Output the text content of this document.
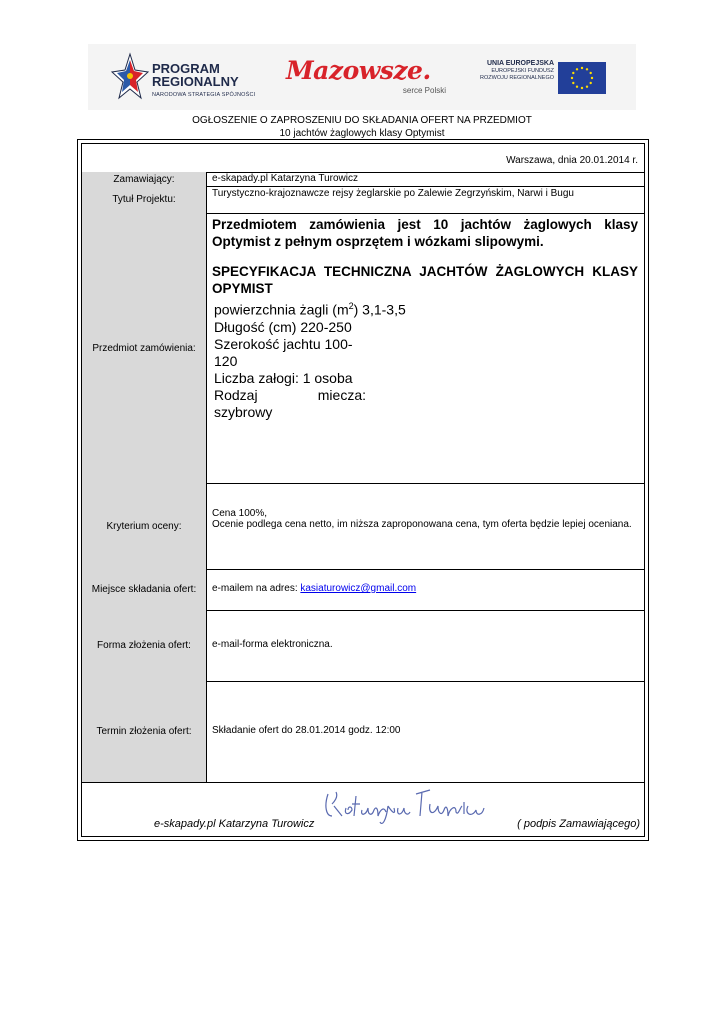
PROGRAM
REGIONALNY
NARODOWA STRATEGIA SPÓJNOŚCI
Mazowsze.
serce Polski
UNIA EUROPEJSKA
EUROPEJSKI FUNDUSZ
ROZWOJU REGIONALNEGO
OGŁOSZENIE O ZAPROSZENIU DO SKŁADANIA OFERT NA PRZEDMIOT
10 jachtów żaglowych klasy Optymist
Warszawa, dnia 20.01.2014 r.
Zamawiający:	e-skapady.pl Katarzyna Turowicz
Tytuł Projektu:
Turystyczno-krajoznawcze rejsy żeglarskie po Zalewie Zegrzyńskim, Narwi i Bugu
Przedmiot zamówienia:
Przedmiotem zamówienia jest 10 jachtów żaglowych klasy Optymist z pełnym osprzętem i wózkami slipowymi.
SPECYFIKACJA TECHNICZNA JACHTÓW ŻAGLOWYCH KLASY OPYMIST
powierzchnia żagli $(m^2)$ 3,1-3,5
Długość (cm) 220-250
Szerokość jachtu 100-
120
Liczba załogi: 1 osoba
Rodzaj	miecza:
szybrowy
Kryterium oceny:
Cena 100%,
Ocenie podlega cena netto, im niższa zaproponowana cena, tym oferta będzie lepiej oceniana.
Miejsce składania ofert:	e-mailem na adres: kasiaturowicz@gmail.com
Forma złożenia ofert:	e-mail-forma elektroniczna.
Termin złożenia ofert:	Składanie ofert do 28.01.2014 godz. 12:00
e-skapady.pl Katarzyna Turowicz	( podpis Zamawiającego)
